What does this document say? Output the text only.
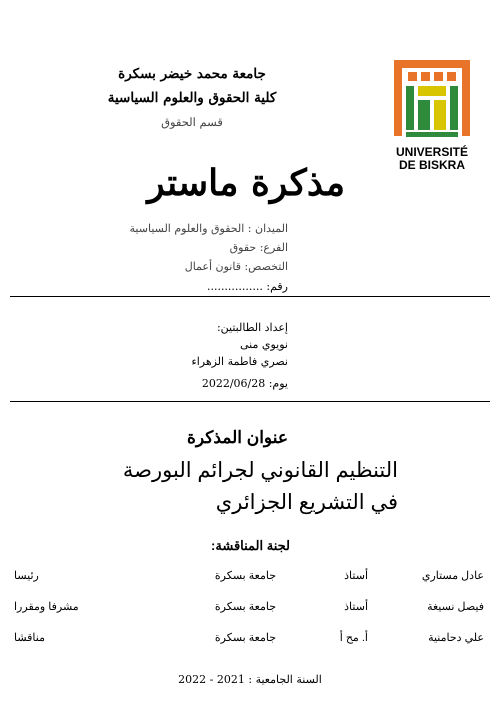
جامعة محمد خيضر بسكرة
كلية الحقوق والعلوم السياسية
قسم الحقوق
UNIVERSITÉ
DE BISKRA
مذكرة ماستر
الميدان : الحقوق والعلوم السياسية
الفرع: حقوق
التخصص: قانون أعمال
رقم: ................
إعداد الطالبتين:
نويوي منى
نصري فاطمة الزهراء
يوم: 2022/06/28
عنوان المذكرة
التنظيم القانوني لجرائم البورصة في التشريع الجزائري
لجنة المناقشة:
عادل مستاري	أستاذ	جامعة بسكرة	رئيسا
فيصل نسيغة	أستاذ	جامعة بسكرة	مشرفا ومقررا
علي دحامنية	أ. مح أ	جامعة بسكرة	مناقشا
السنة الجامعية : 2021 - 2022
